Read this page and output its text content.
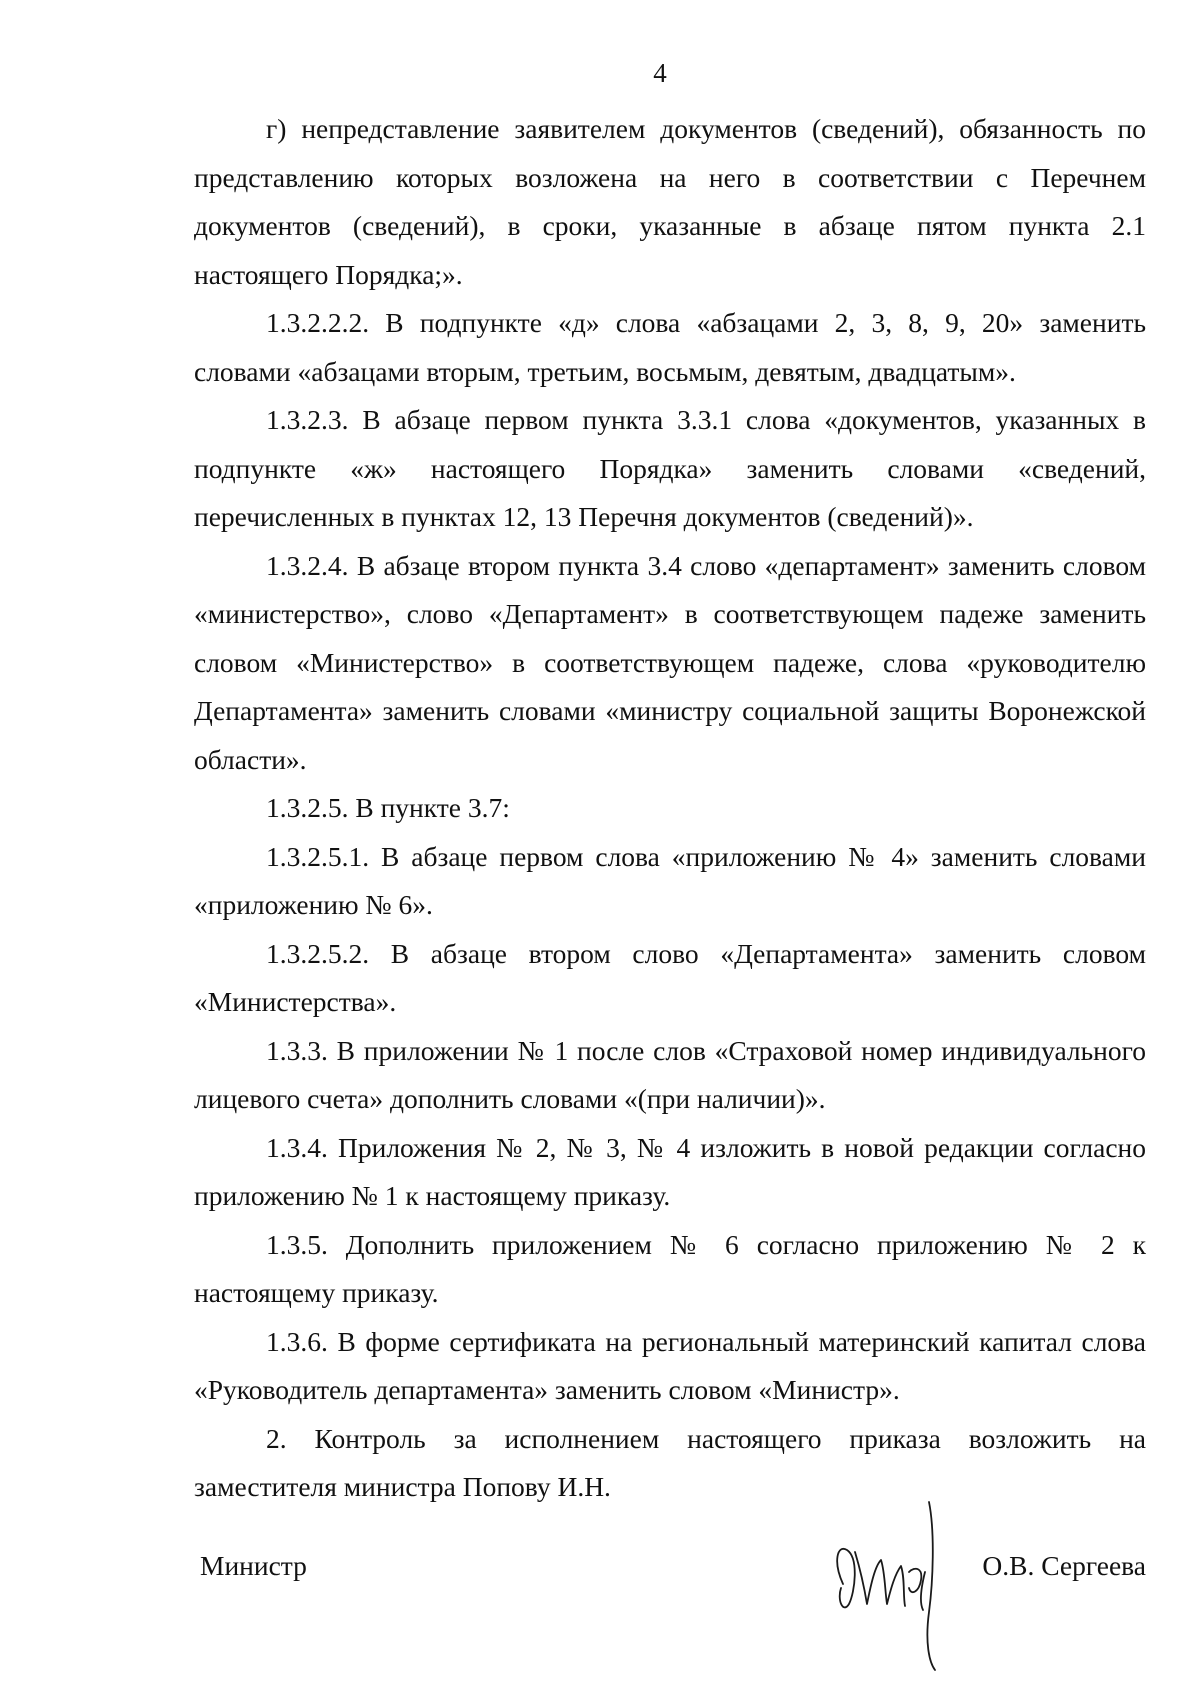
4

г) непредставление заявителем документов (сведений), обязанность по представлению которых возложена на него в соответствии с Перечнем документов (сведений), в сроки, указанные в абзаце пятом пункта 2.1 настоящего Порядка;».

1.3.2.2.2. В подпункте «д» слова «абзацами 2, 3, 8, 9, 20» заменить словами «абзацами вторым, третьим, восьмым, девятым, двадцатым».

1.3.2.3. В абзаце первом пункта 3.3.1 слова «документов, указанных в подпункте «ж» настоящего Порядка» заменить словами «сведений, перечисленных в пунктах 12, 13 Перечня документов (сведений)».

1.3.2.4. В абзаце втором пункта 3.4 слово «департамент» заменить словом «министерство», слово «Департамент» в соответствующем падеже заменить словом «Министерство» в соответствующем падеже, слова «руководителю Департамента» заменить словами «министру социальной защиты Воронежской области».

1.3.2.5. В пункте 3.7:

1.3.2.5.1. В абзаце первом слова «приложению № 4» заменить словами «приложению № 6».

1.3.2.5.2. В абзаце втором слово «Департамента» заменить словом «Министерства».

1.3.3. В приложении № 1 после слов «Страховой номер индивидуального лицевого счета» дополнить словами «(при наличии)».

1.3.4. Приложения № 2, № 3, № 4 изложить в новой редакции согласно приложению № 1 к настоящему приказу.

1.3.5. Дополнить приложением № 6 согласно приложению № 2 к настоящему приказу.

1.3.6. В форме сертификата на региональный материнский капитал слова «Руководитель департамента» заменить словом «Министр».

2. Контроль за исполнением настоящего приказа возложить на заместителя министра Попову И.Н.

Министр	О.В. Сергеева
